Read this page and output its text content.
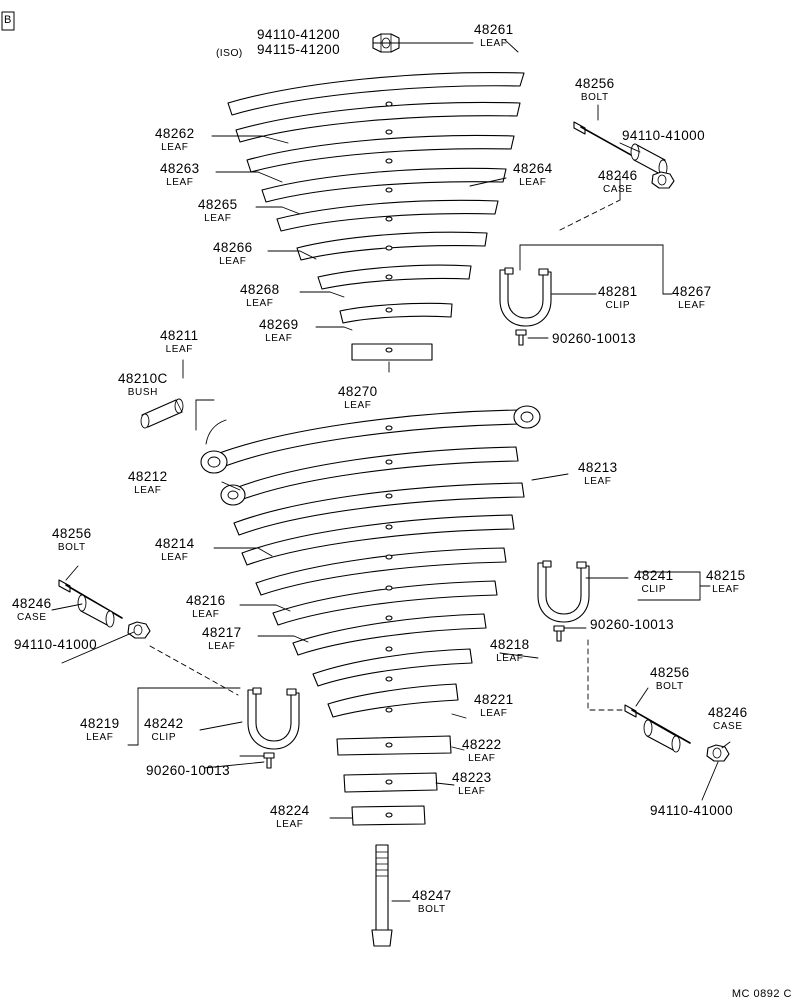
94110-41200
(ISO) 94115-41200
48261
LEAF
48256
BOLT
94110-41000
48246
CASE
48262
LEAF
48263
LEAF
48264
LEAF
48265
LEAF
48266
LEAF
48268
LEAF
48269
LEAF
48270
LEAF
48281
CLIP
48267
LEAF
90260-10013
48211
LEAF
48210C
BUSH
48212
LEAF
48213
LEAF
48256
BOLT
48246
CASE
94110-41000
48214
LEAF
48216
LEAF
48217
LEAF	48218
LEAF
48241
CLIP
48215
LEAF
90260-10013
48219
LEAF
48242
CLIP
90260-10013
48221
LEAF
48222
LEAF
48223
LEAF
48224
LEAF
48256
BOLT
48246
CASE
94110-41000
48247
BOLT
B
MC 0892 C
